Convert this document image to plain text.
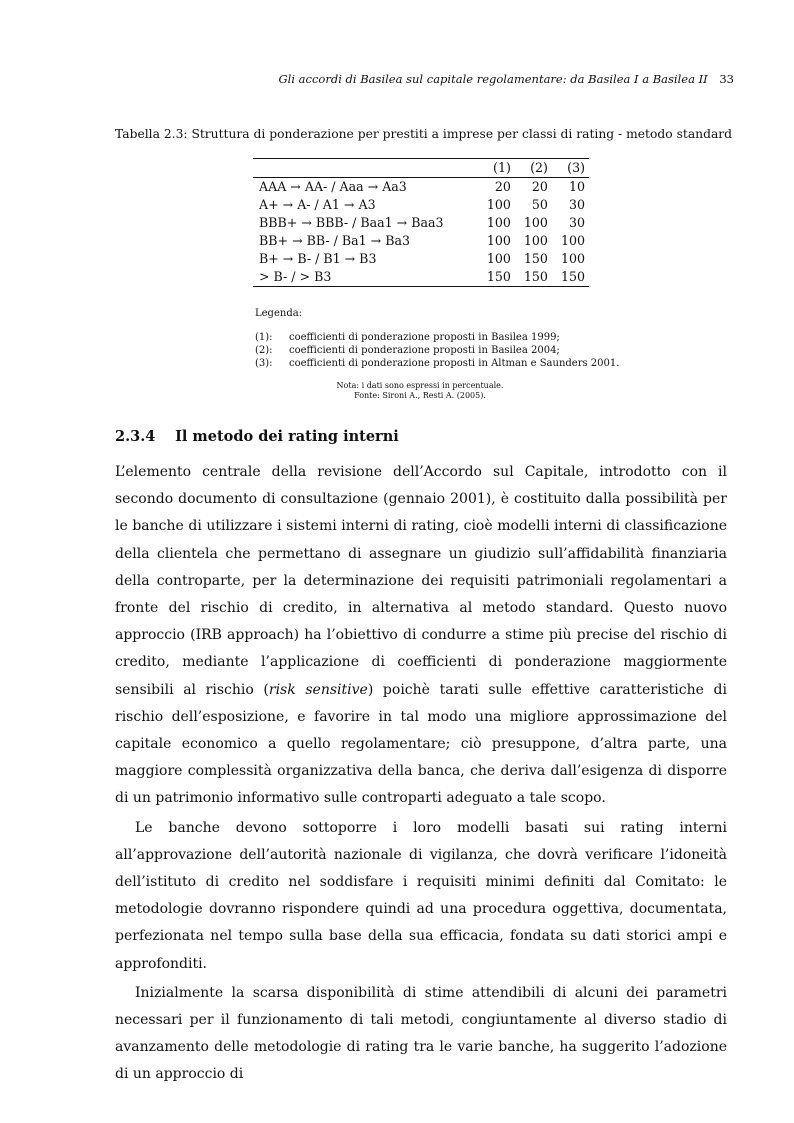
Gli accordi di Basilea sul capitale regolamentare: da Basilea I a Basilea II 33
Tabella 2.3: Struttura di ponderazione per prestiti a imprese per classi di rating - metodo standard
	(1)	(2)	(3)
AAA → AA- / Aaa → Aa3	20	20	10
A+ → A- / A1 → A3	100	50	30
BBB+ → BBB- / Baa1 → Baa3	100	100	30
BB+ → BB- / Ba1 → Ba3	100	100	100
B+ → B- / B1 → B3	100	150	100
> B- / > B3	150	150	150
Legenda:
(1):	coefficienti di ponderazione proposti in Basilea 1999;
(2):	coefficienti di ponderazione proposti in Basilea 2004;
(3):	coefficienti di ponderazione proposti in Altman e Saunders 2001.
Nota: i dati sono espressi in percentuale.
Fonte: Sironi A., Resti A. (2005).
2.3.4 Il metodo dei rating interni

L’elemento centrale della revisione dell’Accordo sul Capitale, introdotto con il secondo documento di consultazione (gennaio 2001), è costituito dalla possibilità per le banche di utilizzare i sistemi interni di rating, cioè modelli interni di classificazione della clientela che permettano di assegnare un giudizio sull’affidabilità finanziaria della controparte, per la determinazione dei requisiti patrimoniali regolamentari a fronte del rischio di credito, in alternativa al metodo standard. Questo nuovo approccio (IRB approach) ha l’obiettivo di condurre a stime più precise del rischio di credito, mediante l’applicazione di coefficienti di ponderazione maggiormente sensibili al rischio (risk sensitive) poichè tarati sulle effettive caratteristiche di rischio dell’esposizione, e favorire in tal modo una migliore approssimazione del capitale economico a quello regolamentare; ciò presuppone, d’altra parte, una maggiore complessità organizzativa della banca, che deriva dall’esigenza di disporre di un patrimonio informativo sulle controparti adeguato a tale scopo.

Le banche devono sottoporre i loro modelli basati sui rating interni all’approvazione dell’autorità nazionale di vigilanza, che dovrà verificare l’idoneità dell’istituto di credito nel soddisfare i requisiti minimi definiti dal Comitato: le metodologie dovranno rispondere quindi ad una procedura oggettiva, documentata, perfezionata nel tempo sulla base della sua efficacia, fondata su dati storici ampi e approfonditi.

Inizialmente la scarsa disponibilità di stime attendibili di alcuni dei parametri necessari per il funzionamento di tali metodi, congiuntamente al diverso stadio di avanzamento delle metodologie di rating tra le varie banche, ha suggerito l’adozione di un approccio di
